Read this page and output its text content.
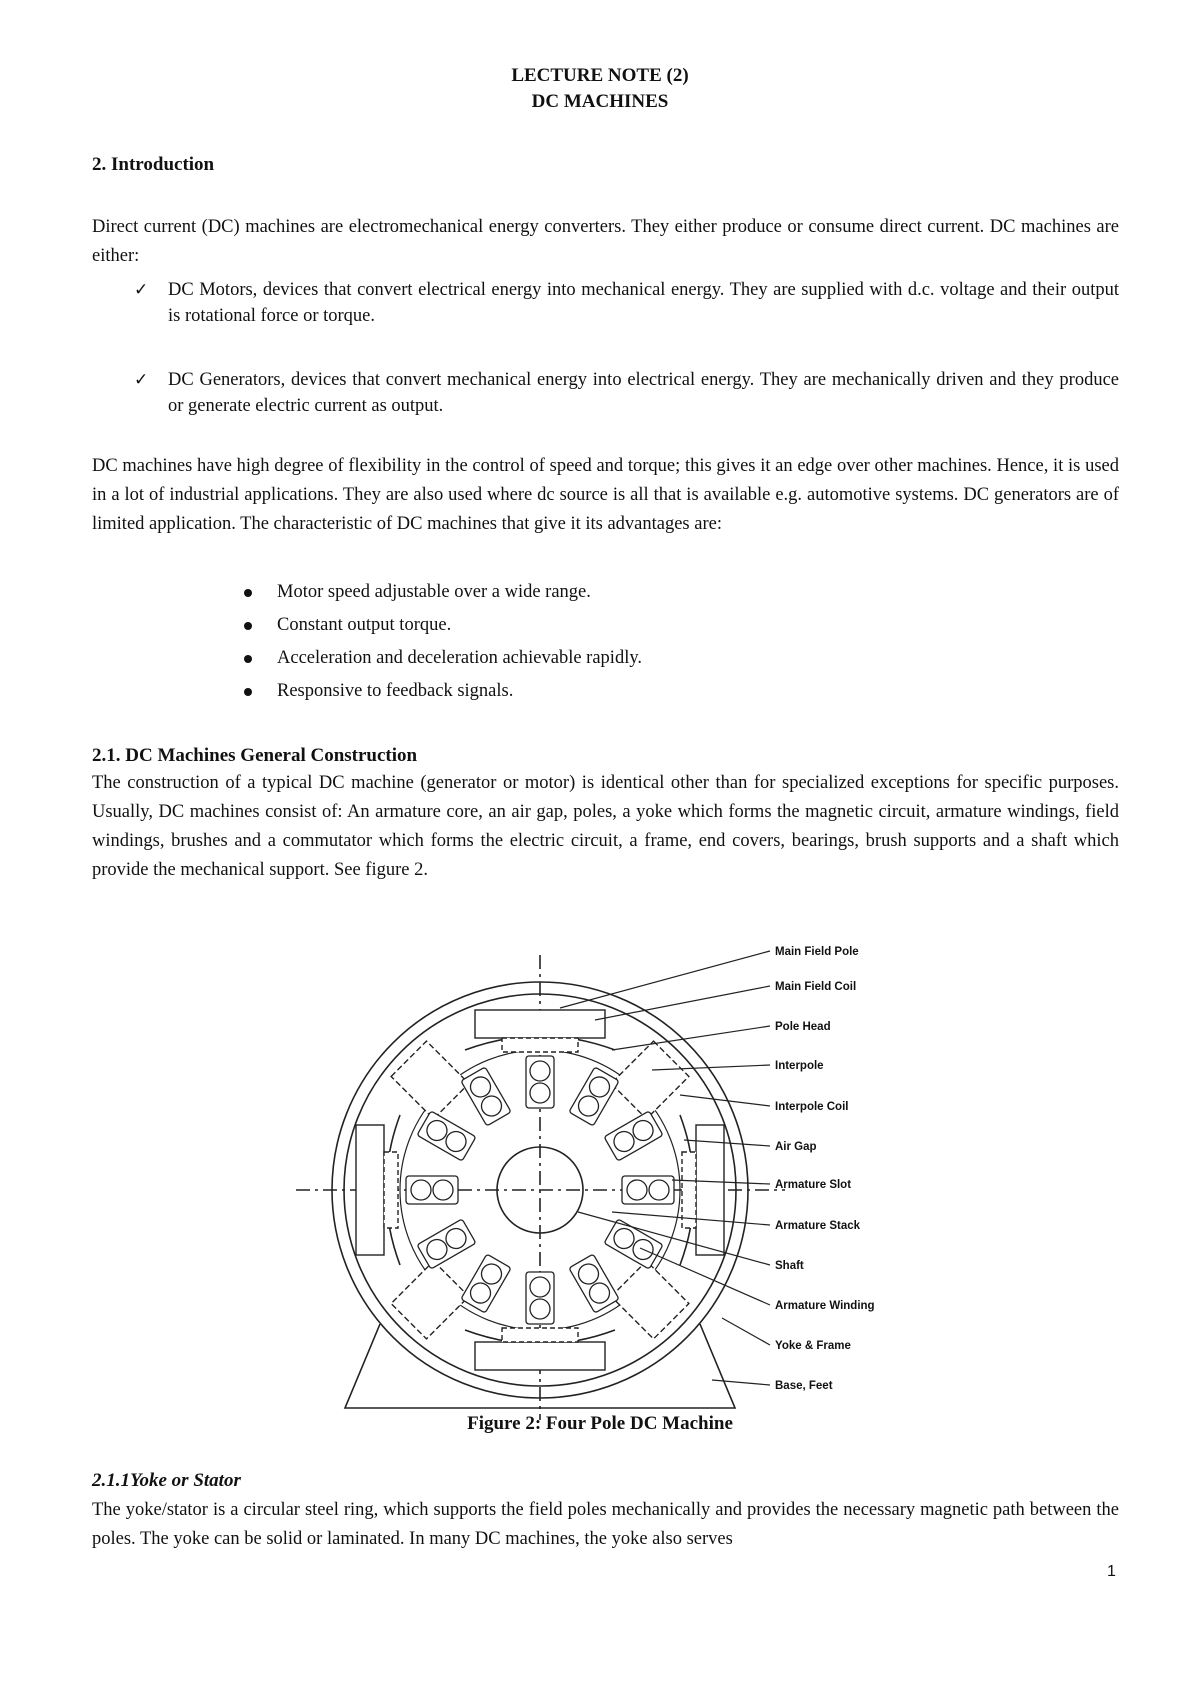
LECTURE NOTE (2)
DC MACHINES
2. Introduction

Direct current (DC) machines are electromechanical energy converters. They either produce or consume direct current. DC machines are either:

✓ DC Motors, devices that convert electrical energy into mechanical energy. They are supplied with d.c. voltage and their output is rotational force or torque.
✓ DC Generators, devices that convert mechanical energy into electrical energy. They are mechanically driven and they produce or generate electric current as output.

DC machines have high degree of flexibility in the control of speed and torque; this gives it an edge over other machines. Hence, it is used in a lot of industrial applications. They are also used where dc source is all that is available e.g. automotive systems. DC generators are of limited application. The characteristic of DC machines that give it its advantages are:

Motor speed adjustable over a wide range.
Constant output torque.
Acceleration and deceleration achievable rapidly.
Responsive to feedback signals.
2.1. DC Machines General Construction

The construction of a typical DC machine (generator or motor) is identical other than for specialized exceptions for specific purposes. Usually, DC machines consist of: An armature core, an air gap, poles, a yoke which forms the magnetic circuit, armature windings, field windings, brushes and a commutator which forms the electric circuit, a frame, end covers, bearings, brush supports and a shaft which provide the mechanical support. See figure 2.

Main Field Pole
Main Field Coil
Pole Head
Interpole
Interpole Coil
Air Gap
Armature Slot
Armature Stack
Shaft
Armature Winding
Yoke & Frame
Base, Feet
Figure 2: Four Pole DC Machine
2.1.1Yoke or Stator

The yoke/stator is a circular steel ring, which supports the field poles mechanically and provides the necessary magnetic path between the poles. The yoke can be solid or laminated. In many DC machines, the yoke also serves

1
